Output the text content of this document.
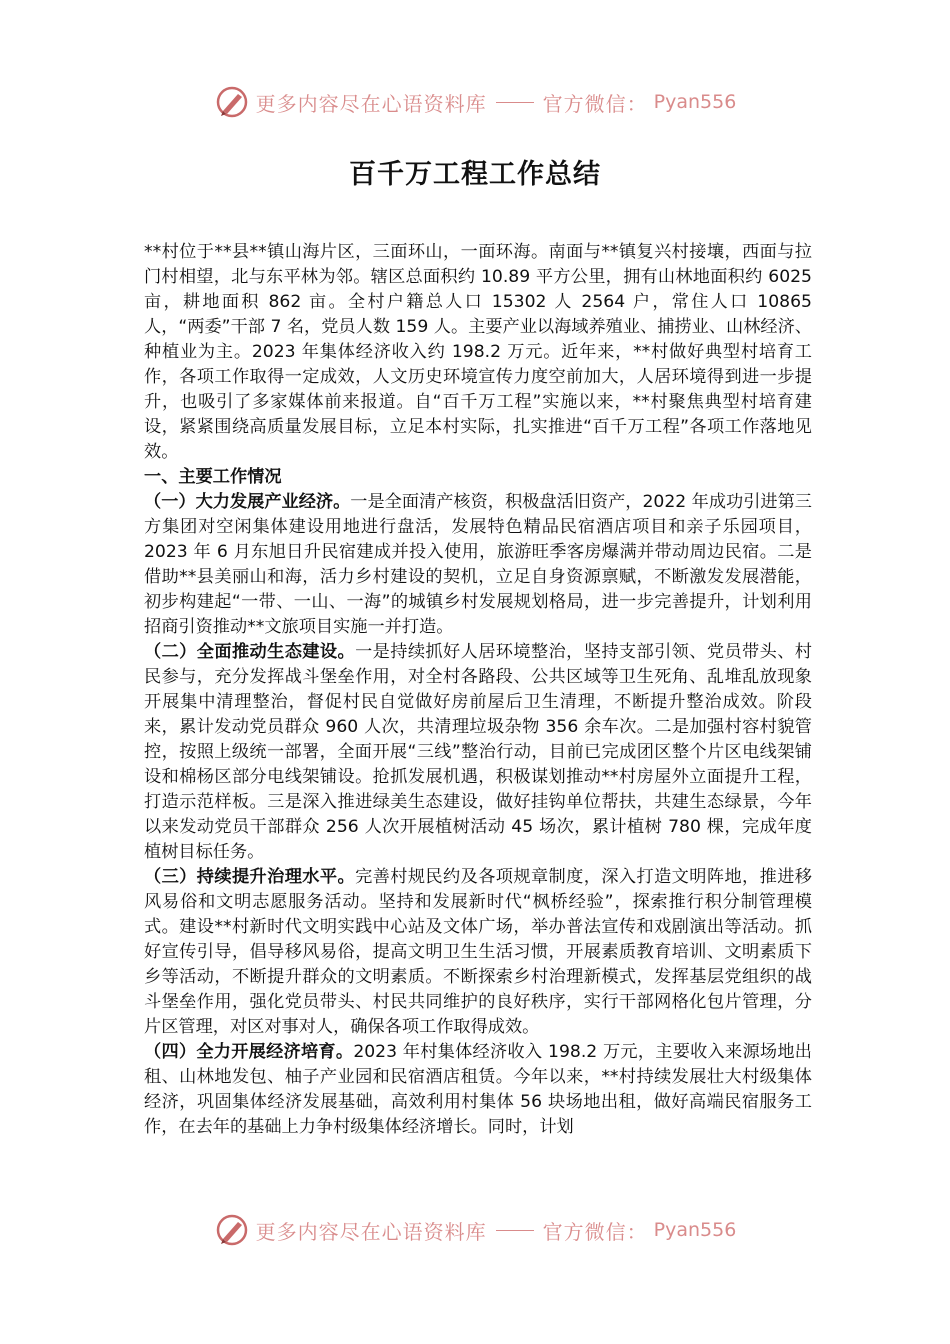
更多内容尽在心语资料库	官方微信： Pyan556
百千万工程工作总结

**村位于**县**镇山海片区，三面环山，一面环海。南面与**镇复兴村接壤，西面与拉门村相望，北与东平林为邻。辖区总面积约 10.89 平方公里，拥有山林地面积约 6025 亩，耕地面积 862 亩。全村户籍总人口 15302 人 2564 户，常住人口 10865 人，“两委”干部 7 名，党员人数 159 人。主要产业以海域养殖业、捕捞业、山林经济、种植业为主。2023 年集体经济收入约 198.2 万元。近年来，**村做好典型村培育工作，各项工作取得一定成效，人文历史环境宣传力度空前加大，人居环境得到进一步提升，也吸引了多家媒体前来报道。自“百千万工程”实施以来，**村聚焦典型村培育建设，紧紧围绕高质量发展目标，立足本村实际，扎实推进“百千万工程”各项工作落地见效。

一、主要工作情况

（一）大力发展产业经济。一是全面清产核资，积极盘活旧资产，2022 年成功引进第三方集团对空闲集体建设用地进行盘活，发展特色精品民宿酒店项目和亲子乐园项目，2023 年 6 月东旭日升民宿建成并投入使用，旅游旺季客房爆满并带动周边民宿。二是借助**县美丽山和海，活力乡村建设的契机，立足自身资源禀赋，不断激发发展潜能，初步构建起“一带、一山、一海”的城镇乡村发展规划格局，进一步完善提升，计划利用招商引资推动**文旅项目实施一并打造。

（二）全面推动生态建设。一是持续抓好人居环境整治，坚持支部引领、党员带头、村民参与，充分发挥战斗堡垒作用，对全村各路段、公共区域等卫生死角、乱堆乱放现象开展集中清理整治，督促村民自觉做好房前屋后卫生清理，不断提升整治成效。阶段来，累计发动党员群众 960 人次，共清理垃圾杂物 356 余车次。二是加强村容村貌管控，按照上级统一部署，全面开展“三线”整治行动，目前已完成团区整个片区电线架铺设和棉杨区部分电线架铺设。抢抓发展机遇，积极谋划推动**村房屋外立面提升工程，打造示范样板。三是深入推进绿美生态建设，做好挂钩单位帮扶，共建生态绿景，今年以来发动党员干部群众 256 人次开展植树活动 45 场次，累计植树 780 棵，完成年度植树目标任务。

（三）持续提升治理水平。完善村规民约及各项规章制度，深入打造文明阵地，推进移风易俗和文明志愿服务活动。坚持和发展新时代“枫桥经验”，探索推行积分制管理模式。建设**村新时代文明实践中心站及文体广场，举办普法宣传和戏剧演出等活动。抓好宣传引导，倡导移风易俗，提高文明卫生生活习惯，开展素质教育培训、文明素质下乡等活动，不断提升群众的文明素质。不断探索乡村治理新模式，发挥基层党组织的战斗堡垒作用，强化党员带头、村民共同维护的良好秩序，实行干部网格化包片管理，分片区管理，对区对事对人，确保各项工作取得成效。

（四）全力开展经济培育。2023 年村集体经济收入 198.2 万元，主要收入来源场地出租、山林地发包、柚子产业园和民宿酒店租赁。今年以来，**村持续发展壮大村级集体经济，巩固集体经济发展基础，高效利用村集体 56 块场地出租，做好高端民宿服务工作，在去年的基础上力争村级集体经济增长。同时，计划

更多内容尽在心语资料库	官方微信： Pyan556
